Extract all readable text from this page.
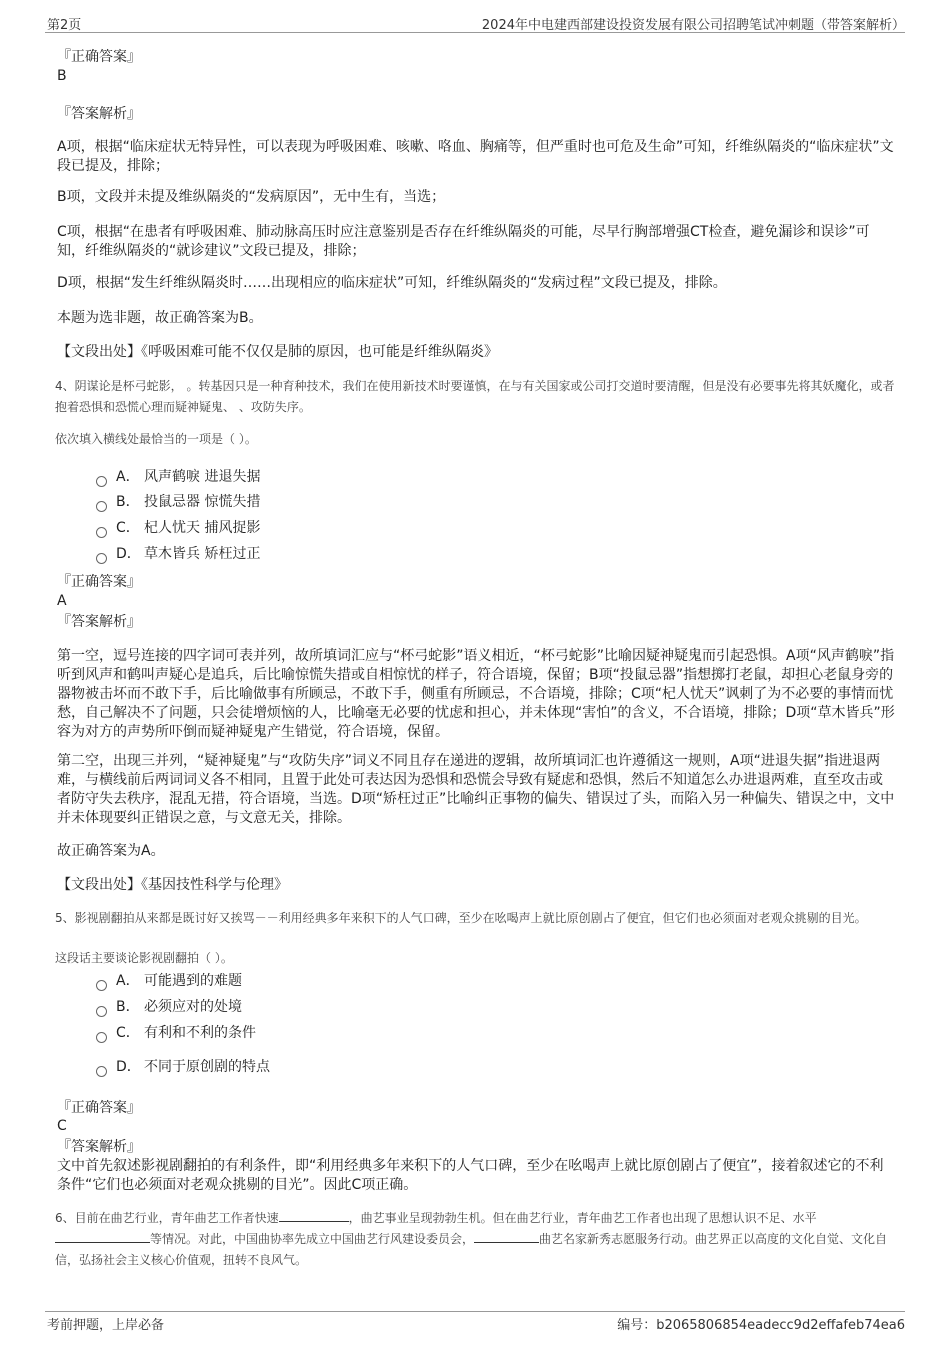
第2页	2024年中电建西部建设投资发展有限公司招聘笔试冲刺题（带答案解析）
『正确答案』
B
『答案解析』
A项，根据“临床症状无特异性，可以表现为呼吸困难、咳嗽、咯血、胸痛等，但严重时也可危及生命”可知，纤维纵隔炎的“临床症状”文段已提及，排除；
B项，文段并未提及维纵隔炎的“发病原因”，无中生有，当选；
C项，根据“在患者有呼吸困难、肺动脉高压时应注意鉴别是否存在纤维纵隔炎的可能，尽早行胸部增强CT检查，避免漏诊和误诊”可知，纤维纵隔炎的“就诊建议”文段已提及，排除；
D项，根据“发生纤维纵隔炎时……出现相应的临床症状”可知，纤维纵隔炎的“发病过程”文段已提及，排除。
本题为选非题，故正确答案为B。
【文段出处】《呼吸困难可能不仅仅是肺的原因，也可能是纤维纵隔炎》
4、阴谋论是杯弓蛇影， 。转基因只是一种育种技术，我们在使用新技术时要谨慎，在与有关国家或公司打交道时要清醒，但是没有必要事先将其妖魔化，或者抱着恐惧和恐慌心理而疑神疑鬼、 、攻防失序。
依次填入横线处最恰当的一项是（ ）。
A． 风声鹤唳 进退失据
B． 投鼠忌器 惊慌失措
C． 杞人忧天 捕风捉影
D． 草木皆兵 矫枉过正
『正确答案』
A
『答案解析』
第一空，逗号连接的四字词可表并列，故所填词汇应与“杯弓蛇影”语义相近，“杯弓蛇影”比喻因疑神疑鬼而引起恐惧。A项“风声鹤唳”指听到风声和鹤叫声疑心是追兵，后比喻惊慌失措或自相惊忧的样子，符合语境，保留；B项“投鼠忌器”指想掷打老鼠，却担心老鼠身旁的器物被击坏而不敢下手，后比喻做事有所顾忌，不敢下手，侧重有所顾忌，不合语境，排除；C项“杞人忧天”讽刺了为不必要的事情而忧愁，自己解决不了问题，只会徒增烦恼的人，比喻毫无必要的忧虑和担心，并未体现“害怕”的含义，不合语境，排除；D项“草木皆兵”形容为对方的声势所吓倒而疑神疑鬼产生错觉，符合语境，保留。
第二空，出现三并列，“疑神疑鬼”与“攻防失序”词义不同且存在递进的逻辑，故所填词汇也许遵循这一规则，A项“进退失据”指进退两难，与横线前后两词词义各不相同，且置于此处可表达因为恐惧和恐慌会导致有疑虑和恐惧，然后不知道怎么办进退两难，直至攻击或者防守失去秩序，混乱无措，符合语境，当选。D项“矫枉过正”比喻纠正事物的偏失、错误过了头，而陷入另一种偏失、错误之中，文中并未体现要纠正错误之意，与文意无关，排除。
故正确答案为A。
【文段出处】《基因技性科学与伦理》
5、影视剧翻拍从来都是既讨好又挨骂－－利用经典多年来积下的人气口碑，至少在吆喝声上就比原创剧占了便宜，但它们也必须面对老观众挑剔的目光。
这段话主要谈论影视剧翻拍（ ）。
A． 可能遇到的难题
B． 必须应对的处境
C． 有利和不利的条件
D． 不同于原创剧的特点
『正确答案』
C
『答案解析』
文中首先叙述影视剧翻拍的有利条件，即“利用经典多年来积下的人气口碑，至少在吆喝声上就比原创剧占了便宜”，接着叙述它的不利条件“它们也必须面对老观众挑剔的目光”。因此C项正确。
6、目前在曲艺行业，青年曲艺工作者快速	，曲艺事业呈现勃勃生机。但在曲艺行业，青年曲艺工作者也出现了思想认识不足、水平等情况。对此，中国曲协率先成立中国曲艺行风建设委员会，	曲艺名家新秀志愿服务行动。曲艺界正以高度的文化自觉、文化自信，弘扬社会主义核心价值观，扭转不良风气。
考前押题，上岸必备	编号：b2065806854eadecc9d2effafeb74ea6
